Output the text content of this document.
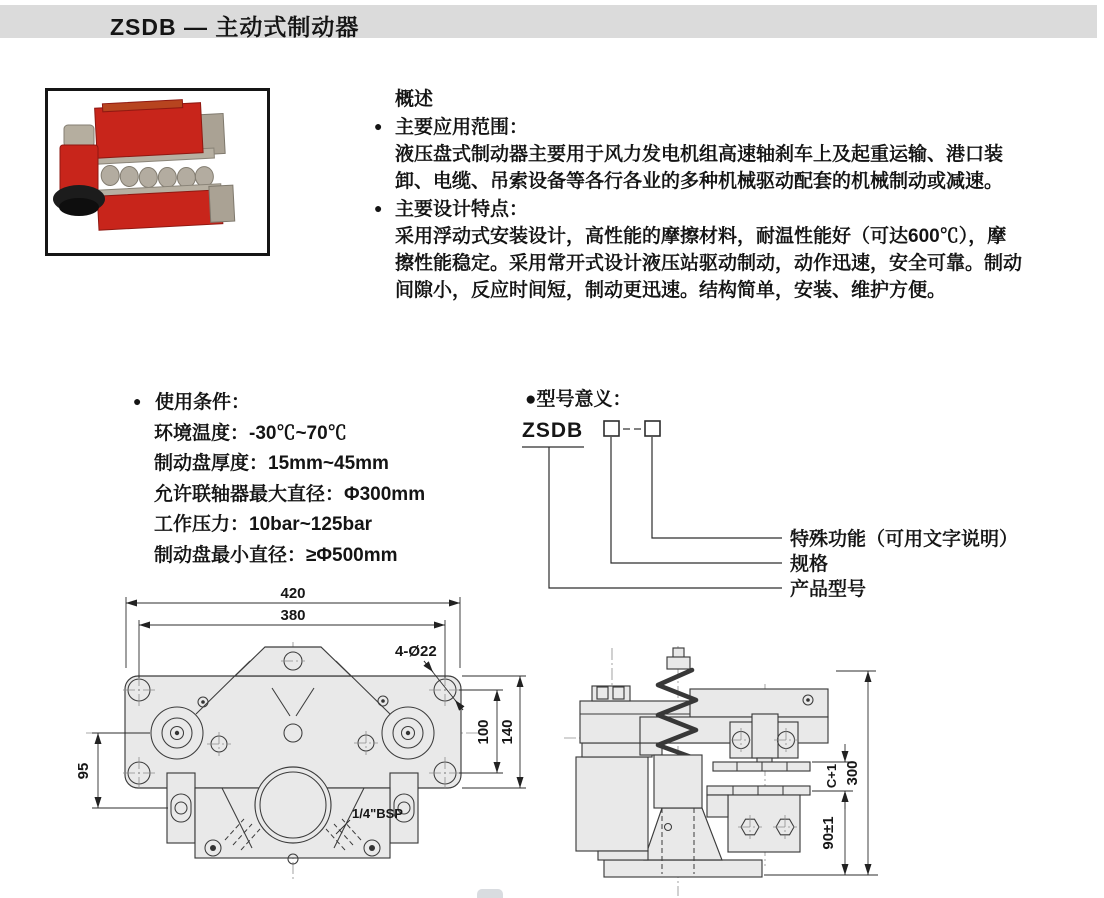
ZSDB — 主动式制动器
概述
● 主要应用范围：
液压盘式制动器主要用于风力发电机组高速轴刹车上及起重运输、港口装
卸、电缆、吊索设备等各行各业的多种机械驱动配套的机械制动或减速。
● 主要设计特点：
采用浮动式安装设计，高性能的摩擦材料，耐温性能好（可达600℃），摩
擦性能稳定。采用常开式设计液压站驱动制动，动作迅速，安全可靠。制动
间隙小，反应时间短，制动更迅速。结构简单，安装、维护方便。
● 使用条件：
环境温度：-30℃~70℃
制动盘厚度：15mm~45mm
允许联轴器最大直径：Φ300mm
工作压力：10bar~125bar
制动盘最小直径：≥Φ500mm
●型号意义：
ZSDB
特殊功能（可用文字说明）
规格
产品型号
420
380
95
100 140
4-Ø22
1/4"BSP
C+1
90±1
300
